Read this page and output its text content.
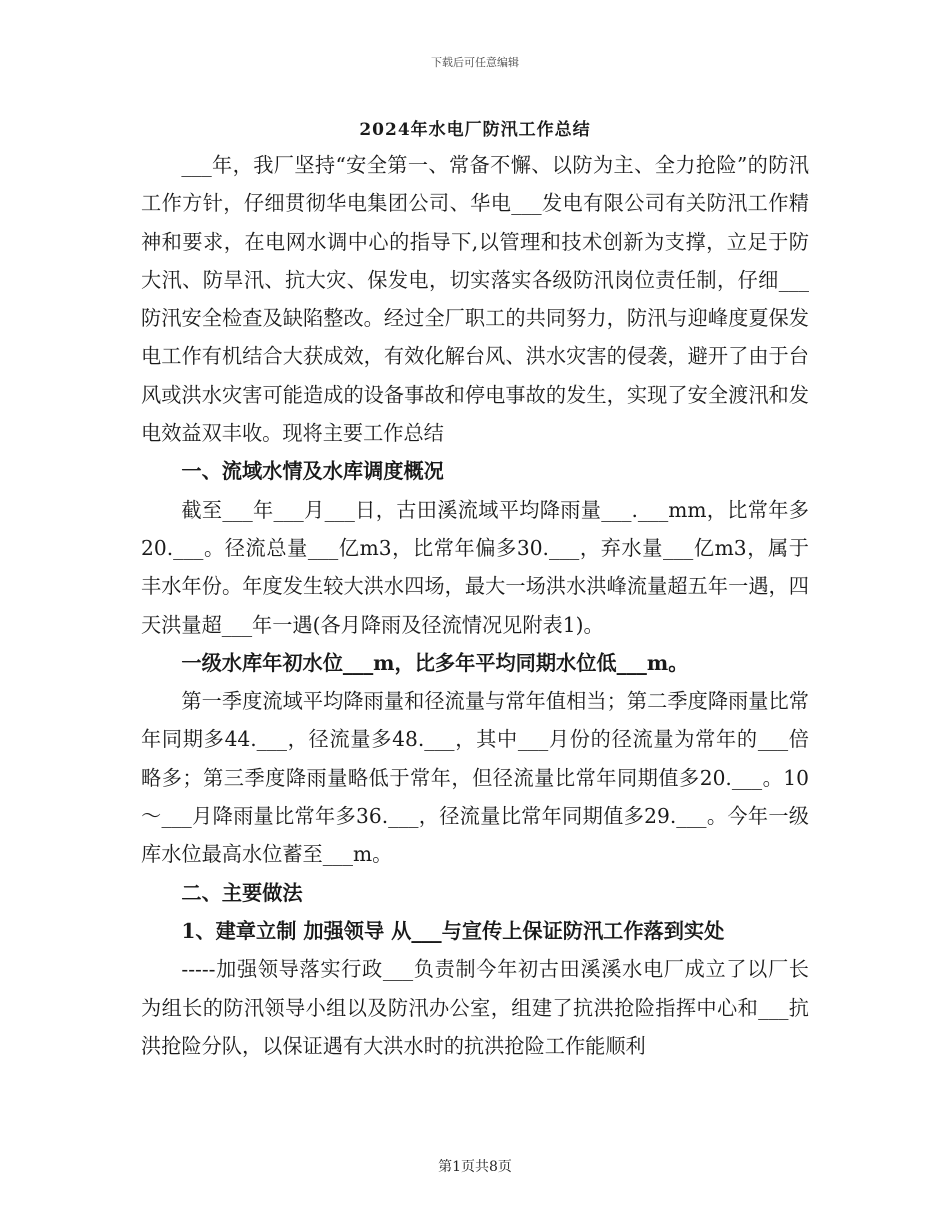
下载后可任意编辑
2024年水电厂防汛工作总结

___年，我厂坚持“安全第一、常备不懈、以防为主、全力抢险”的防汛工作方针，仔细贯彻华电集团公司、华电___发电有限公司有关防汛工作精神和要求，在电网水调中心的指导下,以管理和技术创新为支撑，立足于防大汛、防旱汛、抗大灾、保发电，切实落实各级防汛岗位责任制，仔细___防汛安全检查及缺陷整改。经过全厂职工的共同努力，防汛与迎峰度夏保发电工作有机结合大获成效，有效化解台风、洪水灾害的侵袭，避开了由于台风或洪水灾害可能造成的设备事故和停电事故的发生，实现了安全渡汛和发电效益双丰收。现将主要工作总结

一、流域水情及水库调度概况

截至___年___月___日，古田溪流域平均降雨量___.___mm，比常年多20.___。径流总量___亿m3，比常年偏多30.___，弃水量___亿m3，属于丰水年份。年度发生较大洪水四场，最大一场洪水洪峰流量超五年一遇，四天洪量超___年一遇(各月降雨及径流情况见附表1)。

一级水库年初水位___m，比多年平均同期水位低___m。

第一季度流域平均降雨量和径流量与常年值相当；第二季度降雨量比常年同期多44.___，径流量多48.___，其中___月份的径流量为常年的___倍略多；第三季度降雨量略低于常年，但径流量比常年同期值多20.___。10～___月降雨量比常年多36.___，径流量比常年同期值多29.___。今年一级库水位最高水位蓄至___m。

二、主要做法

1、建章立制 加强领导 从___与宣传上保证防汛工作落到实处

-----加强领导落实行政___负责制今年初古田溪溪水电厂成立了以厂长为组长的防汛领导小组以及防汛办公室，组建了抗洪抢险指挥中心和___抗洪抢险分队，以保证遇有大洪水时的抗洪抢险工作能顺利

第1页共8页
